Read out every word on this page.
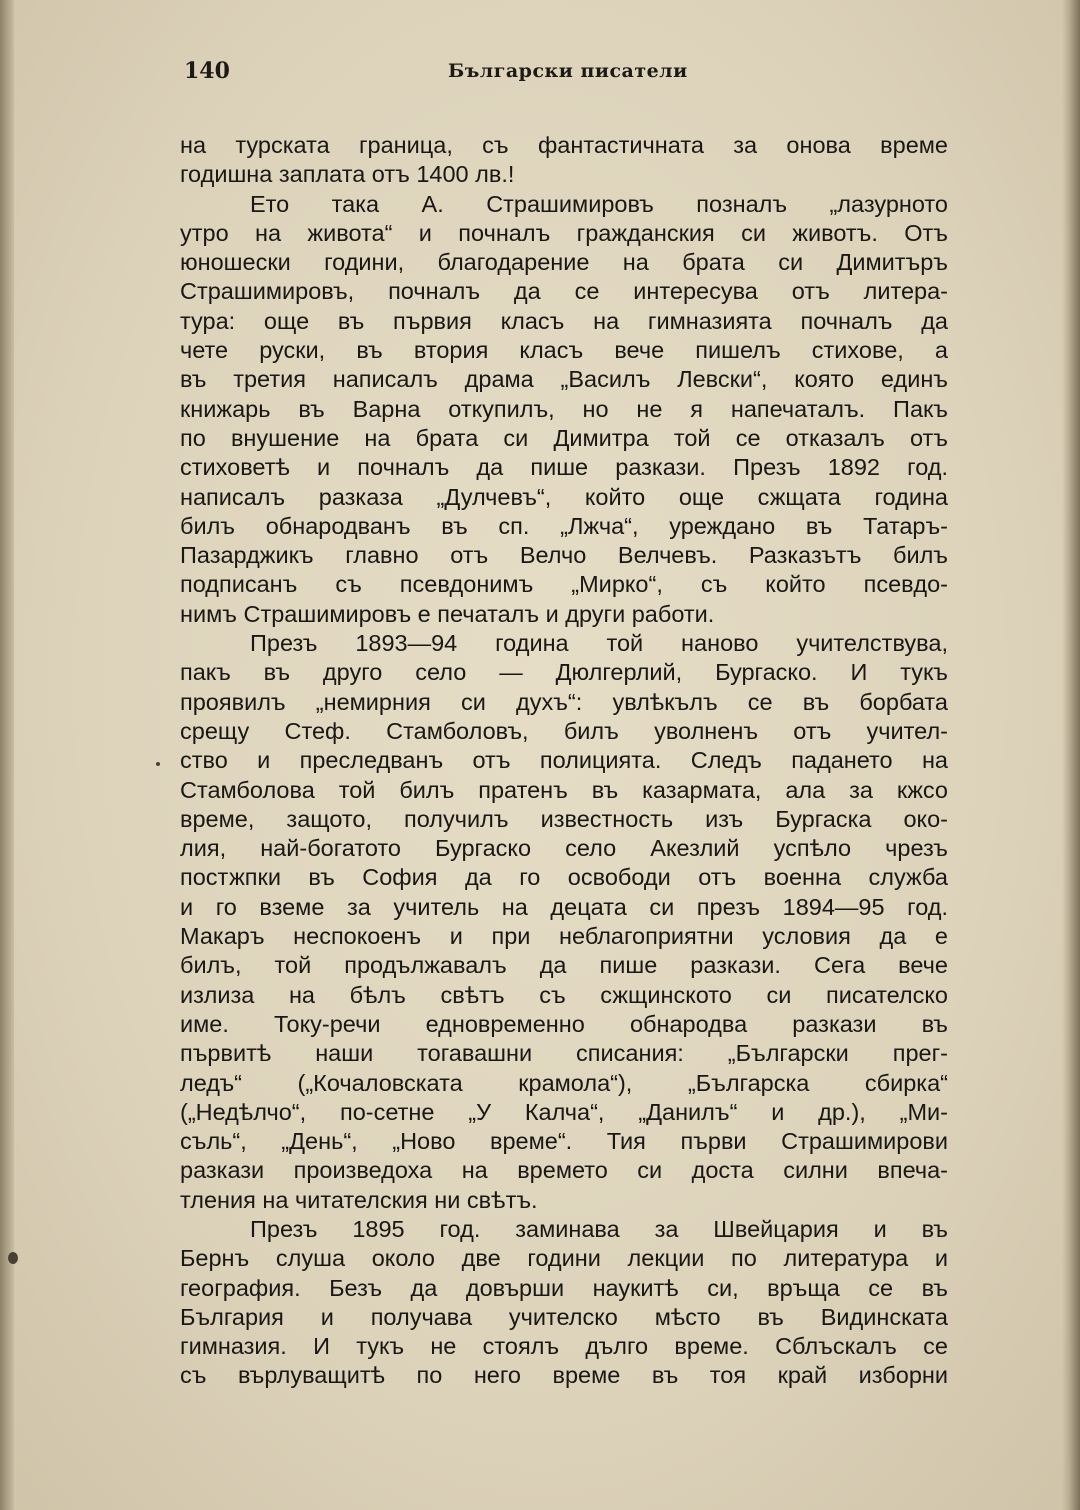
140	Български писатели
на турската граница, съ фантастичната за онова време
годишна заплата отъ 1400 лв.!
Ето така А. Страшимировъ позналъ „лазурното
утро на живота“ и почналъ гражданския си животъ. Отъ
юношески години, благодарение на брата си Димитъръ
Страшимировъ, почналъ да се интересува отъ литера-
тура: още въ първия класъ на гимназията почналъ да
чете руски, въ втория класъ вече пишелъ стихове, а
въ третия написалъ драма „Василъ Левски“, която единъ
книжарь въ Варна откупилъ, но не я напечаталъ. Пакъ
по внушение на брата си Димитра той се отказалъ отъ
стиховетѣ и почналъ да пише разкази. Презъ 1892 год.
написалъ разказа „Дулчевъ“, който още сжщата година
билъ обнародванъ въ сп. „Лжча“, урежданo въ Татаръ-
Пазарджикъ главно отъ Велчо Велчевъ. Разказътъ билъ
подписанъ съ псевдонимъ „Мирко“, съ който псевдо-
нимъ Страшимировъ е печаталъ и други работи.
Презъ 1893—94 година той наново учителствува,
пакъ въ друго село — Дюлгерлий, Бургаско. И тукъ
проявилъ „немирния си духъ“: увлѣкълъ се въ борбата
срещу Стеф. Стамболовъ, билъ уволненъ отъ учител-
ство и преследванъ отъ полицията. Следъ падането на
Стамболова той билъ пратенъ въ казармата, ала за кжсо
време, защото, получилъ известность изъ Бургаска око-
лия, най-богатото Бургаско село Акезлий успѣло чрезъ
постжпки въ София да го освободи отъ военна служба
и го вземе за учитель на децата си презъ 1894—95 год.
Макаръ неспокоенъ и при неблагоприятни условия да е
билъ, той продължавалъ да пише разкази. Сега вече
излиза на бѣлъ свѣтъ съ сжщинското си писателско
име. Току-речи едновременно обнародва разкази въ
първитѣ наши тогавашни списания: „Български прег-
ледъ“ („Кочаловската крамола“), „Българска сбирка“
(„Недѣлчо“, по-сетне „У Калча“, „Данилъ“ и др.), „Ми-
съль“, „День“, „Ново време“. Тия първи Страшимирови
разкази произведоха на времето си доста силни впеча-
тления на читателския ни свѣтъ.
Презъ 1895 год. заминава за Швейцария и въ
Бернъ слуша около две години лекции по литература и
география. Безъ да довърши наукитѣ си, връща се въ
България и получава учителско мѣсто въ Видинската
гимназия. И тукъ не стоялъ дълго време. Сблъскалъ се
съ върлуващитѣ по него време въ тоя край изборни
